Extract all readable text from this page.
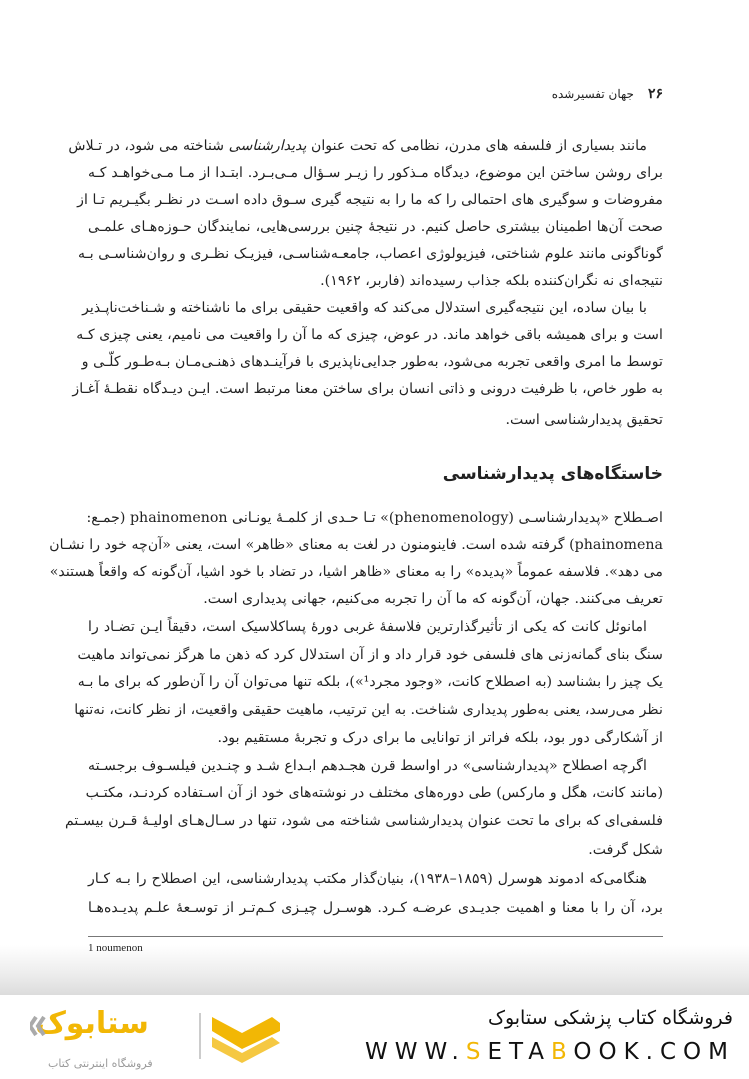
۲۶
جهان تفسیرشده
مانند بسیاری از فلسفه های مدرن، نظامی که تحت عنوان پدیدارشناسی شناخته می شود، در تـلاش
برای روشن ساختن این موضوع، دیدگاه مـذکور را زیـر سـؤال مـی‌بـرد. ابتـدا از مـا مـی‌خواهـد کـه
مفروضات و سوگیری های احتمالی را که ما را به نتیجه گیری سـوق داده اسـت در نظـر بگیـریم تـا از
صحت آن‌ها اطمینان بیشتری حاصل کنیم. در نتیجهٔ چنین بررسی‌هایی، نمایندگان حـوزه‌هـای علمـی
گوناگونی مانند علوم شناختی، فیزیولوژی اعصاب، جامعـه‌شناسـی، فیزیـک نظـری و روان‌شناسـی بـه
نتیجه‌ای نه نگران‌کننده بلکه جذاب رسیده‌اند (فاربر، ۱۹۶۲).
با بیان ساده، این نتیجه‌گیری استدلال می‌کند که واقعیت حقیقی برای ما ناشناخته و شـناخت‌ناپـذیر
است و برای همیشه باقی خواهد ماند. در عوض، چیزی که ما آن را واقعیت می نامیم، یعنی چیزی کـه
توسط ما امری واقعی تجربه می‌شود، به‌طور جدایی‌ناپذیری با فرآینـدهای ذهنـی‌مـان بـه‌طـور کلّـی و
به طور خاص، با ظرفیت درونی و ذاتی انسان برای ساختن معنا مرتبط است. ایـن دیـدگاه نقطـهٔ آغـاز
تحقیق پدیدارشناسی است.
خاستگاه‌های پدیدارشناسی
اصـطلاح «پدیدارشناسـی (phenomenology)» تـا حـدی از کلمـهٔ یونـانی phainomenon (جمـع:
phainomena) گرفته شده است. فاینومنون در لغت به معنای «ظاهر» است، یعنی «آن‌چه خود را نشـان
می دهد». فلاسفه عموماً «پدیده» را به معنای «ظاهر اشیا، در تضاد با خود اشیا، آن‌گونه که واقعاً هستند»
تعریف می‌کنند. جهان، آن‌گونه که ما آن را تجربه می‌کنیم، جهانی پدیداری است.
امانوئل کانت که یکی از تأثیرگذارترین فلاسفهٔ غربی دورهٔ پساکلاسیک است، دقیقاً ایـن تضـاد را
سنگ بنای گمانه‌زنی های فلسفی خود قرار داد و از آن استدلال کرد که ذهن ما هرگز نمی‌تواند ماهیت
یک چیز را بشناسد (به اصطلاح کانت، «وجود مجرد¹»)، بلکه تنها می‌توان آن را آن‌طور که برای ما بـه
نظر می‌رسد، یعنی به‌طور پدیداری شناخت. به این ترتیب، ماهیت حقیقی واقعیت، از نظر کانت، نه‌تنها
از آشکارگی دور بود، بلکه فراتر از توانایی ما برای درک و تجربهٔ مستقیم بود.
اگرچه اصطلاح «پدیدارشناسی» در اواسط قرن هجـدهم ابـداع شـد و چنـدین فیلسـوف برجسـته
(مانند کانت، هگل و مارکس) طی دوره‌های مختلف در نوشته‌های خود از آن اسـتفاده کردنـد، مکتـب
فلسفی‌ای که برای ما تحت عنوان پدیدارشناسی شناخته می شود، تنها در سـال‌هـای اولیـهٔ قـرن بیسـتم
شکل گرفت.
هنگامی‌که ادموند هوسرل (۱۸۵۹–۱۹۳۸)، بنیان‌گذار مکتب پدیدارشناسی، این اصطلاح را بـه کـار
برد، آن را با معنا و اهمیت جدیـدی عرضـه کـرد. هوسـرل چیـزی کـم‌تـر از توسـعهٔ علـم پدیـده‌هـا
1 noumenon
ستابوک
فروشگاه اینترنتی کتاب
فروشگاه کتاب پزشکی ستابوک
WWW.SETABOOK.COM
